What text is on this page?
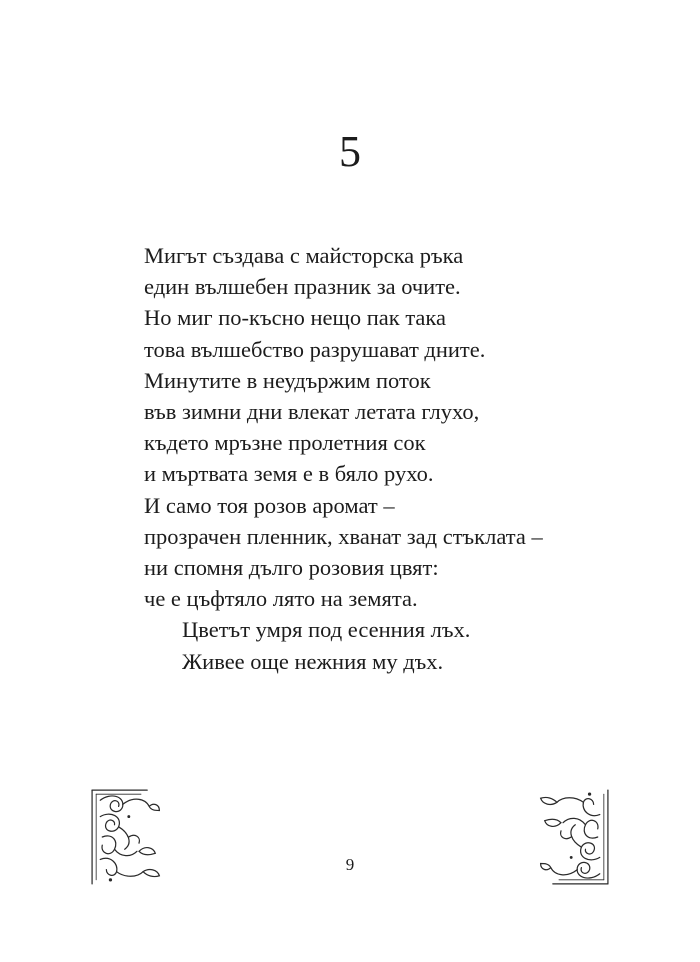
5
Мигът създава с майсторска ръка
един вълшебен празник за очите.
Но миг по-късно нещо пак така
това вълшебство разрушават дните.
Минутите в неудържим поток
във зимни дни влекат летата глухо,
където мръзне пролетния сок
и мъртвата земя е в бяло рухо.
И само тоя розов аромат –
прозрачен пленник, хванат зад стъклата –
ни спомня дълго розовия цвят:
че е цъфтяло лято на земята.
Цветът умря под есенния лъх.
Живее още нежния му дъх.
9
